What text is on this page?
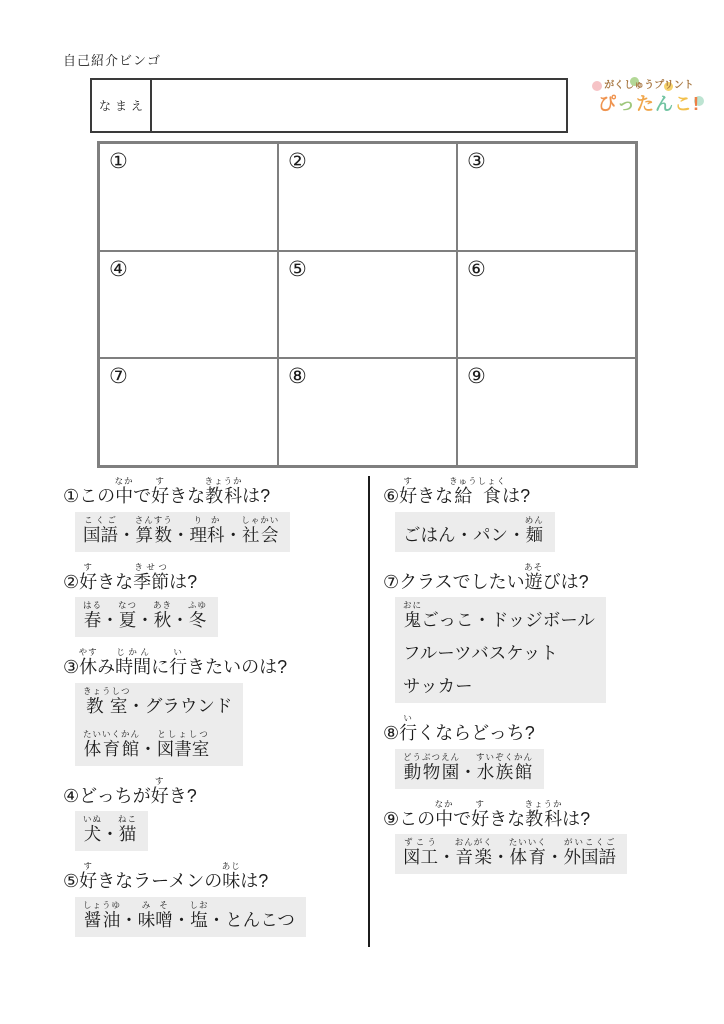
自己紹介ビンゴ
なまえ
がくしゅうプリント
ぴったんこ!
①	②	③
④	⑤	⑥
⑦	⑧	⑨
①この中なかで好すきな教科きょうかは?
国語こくご・算数さんすう・理科りか・社会しゃかい
②好すきな季節きせつは?
春はる・夏なつ・秋あき・冬ふゆ
③休やすみ時間じかんに行いきたいのは?
教室きょうしつ・グラウンド
体育館たいいくかん・図書室としょしつ
④どっちが好すき?
犬いぬ・猫ねこ
⑤好すきなラーメンの味あじは?
醤油しょうゆ・味噌みそ・塩しお・とんこつ
⑥好すきな給食きゅうしょくは?
ごはん・パン・麺めん
⑦クラスでしたい遊あそびは?
鬼おにごっこ・ドッジボール
フルーツバスケット
サッカー
⑧行いくならどっち?
動物園どうぶつえん・水族館すいぞくかん
⑨この中なかで好すきな教科きょうかは?
図工ずこう・音楽おんがく・体育たいいく・外国語がいこくご
